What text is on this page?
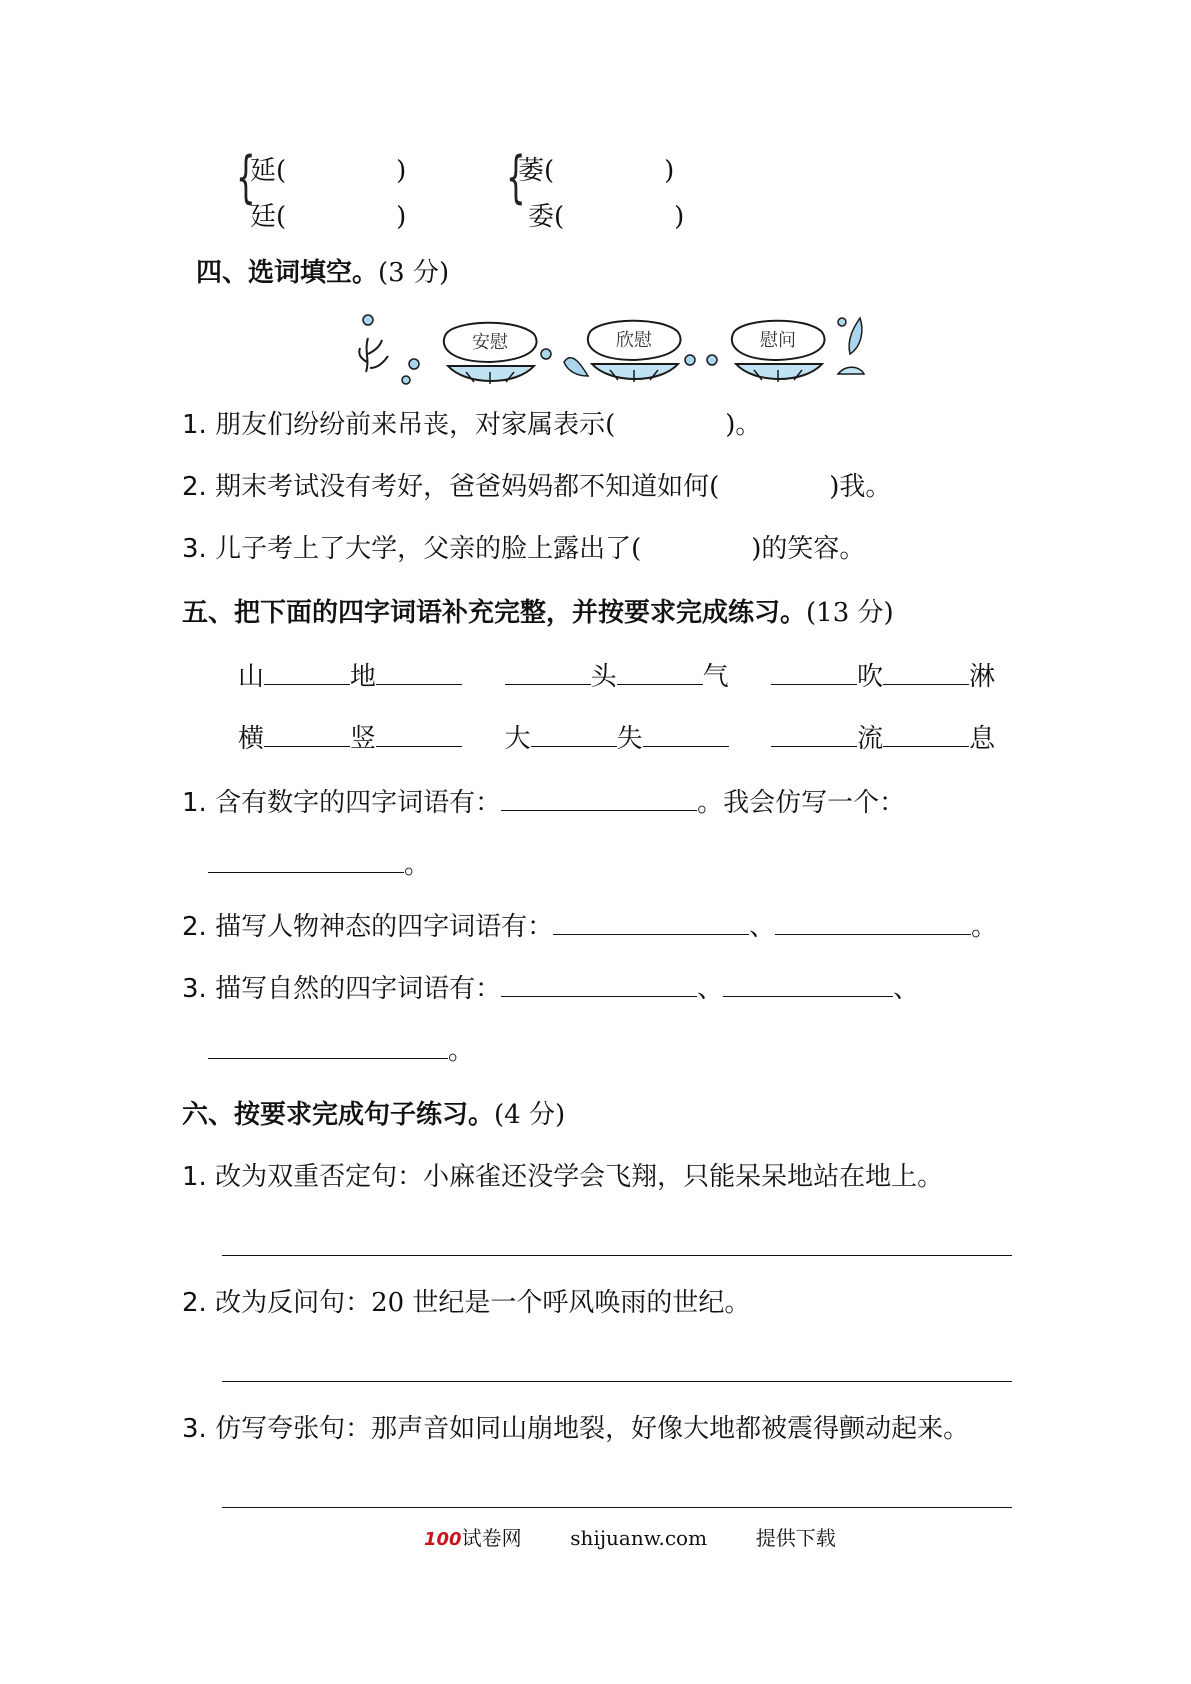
{
延(	)
廷(	)
{
萎(	)
委(	)
四、选词填空。(3 分)
安慰	欣慰	慰问
1. 朋友们纷纷前来吊丧，对家属表示(	)。
2. 期末考试没有考好，爸爸妈妈都不知道如何(	)我。
3. 儿子考上了大学，父亲的脸上露出了(	)的笑容。
五、把下面的四字词语补充完整，并按要求完成练习。(13 分)
山	地	头	气	吹	淋
横	竖	大	失	流	息
1. 含有数字的四字词语有：	。我会仿写一个：
。
2. 描写人物神态的四字词语有：	、	。
3. 描写自然的四字词语有：	、	、
。
六、按要求完成句子练习。(4 分)
1. 改为双重否定句：小麻雀还没学会飞翔，只能呆呆地站在地上。
2. 改为反问句：20 世纪是一个呼风唤雨的世纪。
3. 仿写夸张句：那声音如同山崩地裂，好像大地都被震得颤动起来。
100试卷网 shijuanw.com 提供下载
